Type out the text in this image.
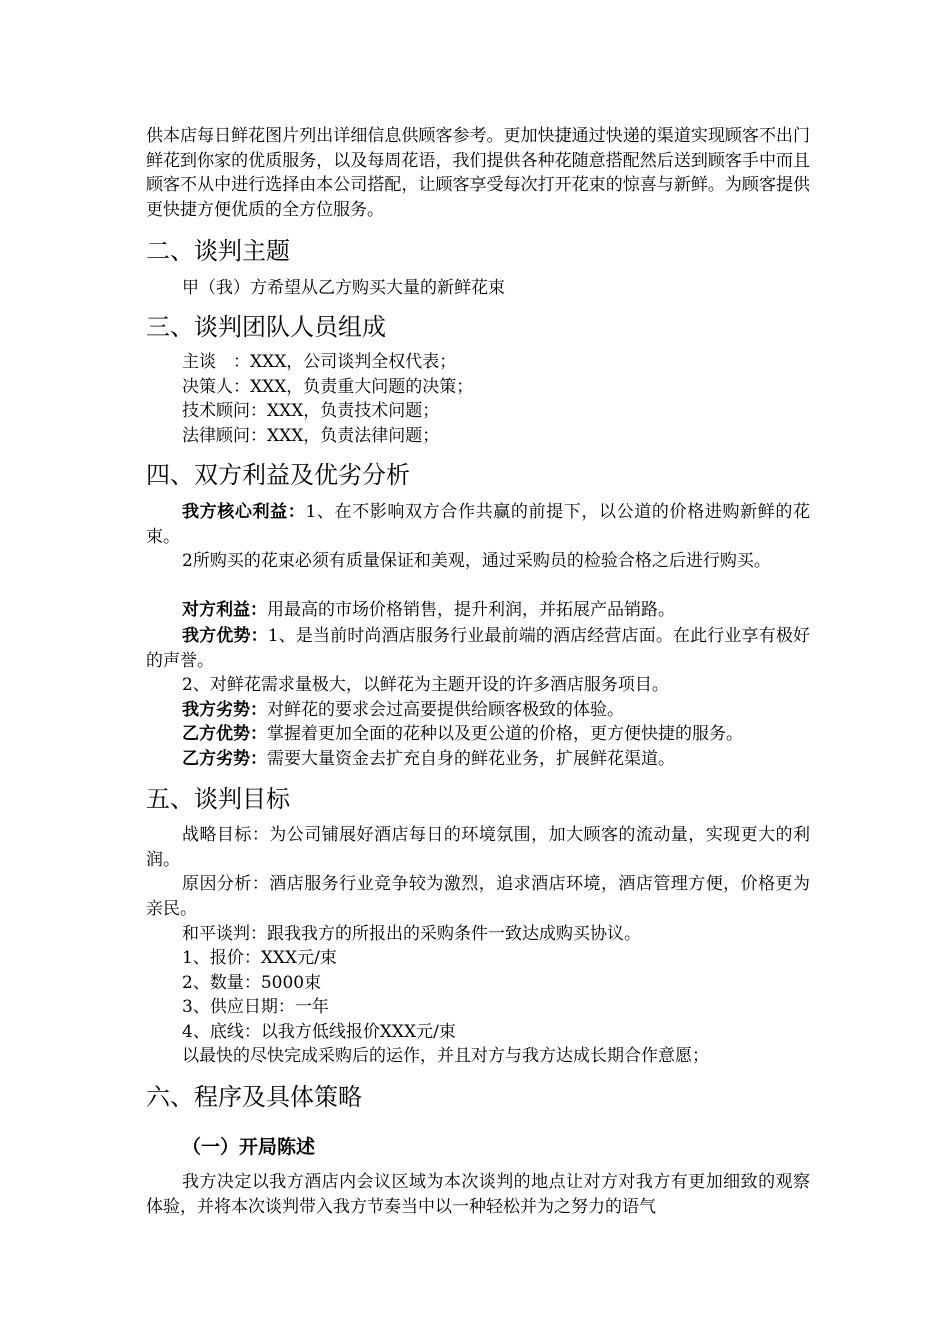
供本店每日鲜花图片列出详细信息供顾客参考。更加快捷通过快递的渠道实现顾客不出门鲜花到你家的优质服务，以及每周花语，我们提供各种花随意搭配然后送到顾客手中而且顾客不从中进行选择由本公司搭配，让顾客享受每次打开花束的惊喜与新鲜。为顾客提供更快捷方便优质的全方位服务。

二、谈判主题
甲（我）方希望从乙方购买大量的新鲜花束
三、谈判团队人员组成
主谈　：XXX，公司谈判全权代表；
决策人：XXX，负责重大问题的决策；
技术顾问：XXX，负责技术问题；
法律顾问：XXX，负责法律问题；
四、双方利益及优劣分析

我方核心利益：1、在不影响双方合作共赢的前提下，以公道的价格进购新鲜的花束。

2所购买的花束必须有质量保证和美观，通过采购员的检验合格之后进行购买。

对方利益：用最高的市场价格销售，提升利润，并拓展产品销路。

我方优势：1、是当前时尚酒店服务行业最前端的酒店经营店面。在此行业享有极好的声誉。

2、对鲜花需求量极大，以鲜花为主题开设的许多酒店服务项目。

我方劣势：对鲜花的要求会过高要提供给顾客极致的体验。

乙方优势：掌握着更加全面的花种以及更公道的价格，更方便快捷的服务。

乙方劣势：需要大量资金去扩充自身的鲜花业务，扩展鲜花渠道。

五、谈判目标

战略目标：为公司铺展好酒店每日的环境氛围，加大顾客的流动量，实现更大的利润。

原因分析：酒店服务行业竞争较为激烈，追求酒店环境，酒店管理方便，价格更为亲民。

和平谈判：跟我我方的所报出的采购条件一致达成购买协议。
1、报价：XXX元/束
2、数量：5000束
3、供应日期：一年
4、底线：以我方低线报价XXX元/束
以最快的尽快完成采购后的运作，并且对方与我方达成长期合作意愿；
六、程序及具体策略
（一）开局陈述

我方决定以我方酒店内会议区域为本次谈判的地点让对方对我方有更加细致的观察体验，并将本次谈判带入我方节奏当中以一种轻松并为之努力的语气
